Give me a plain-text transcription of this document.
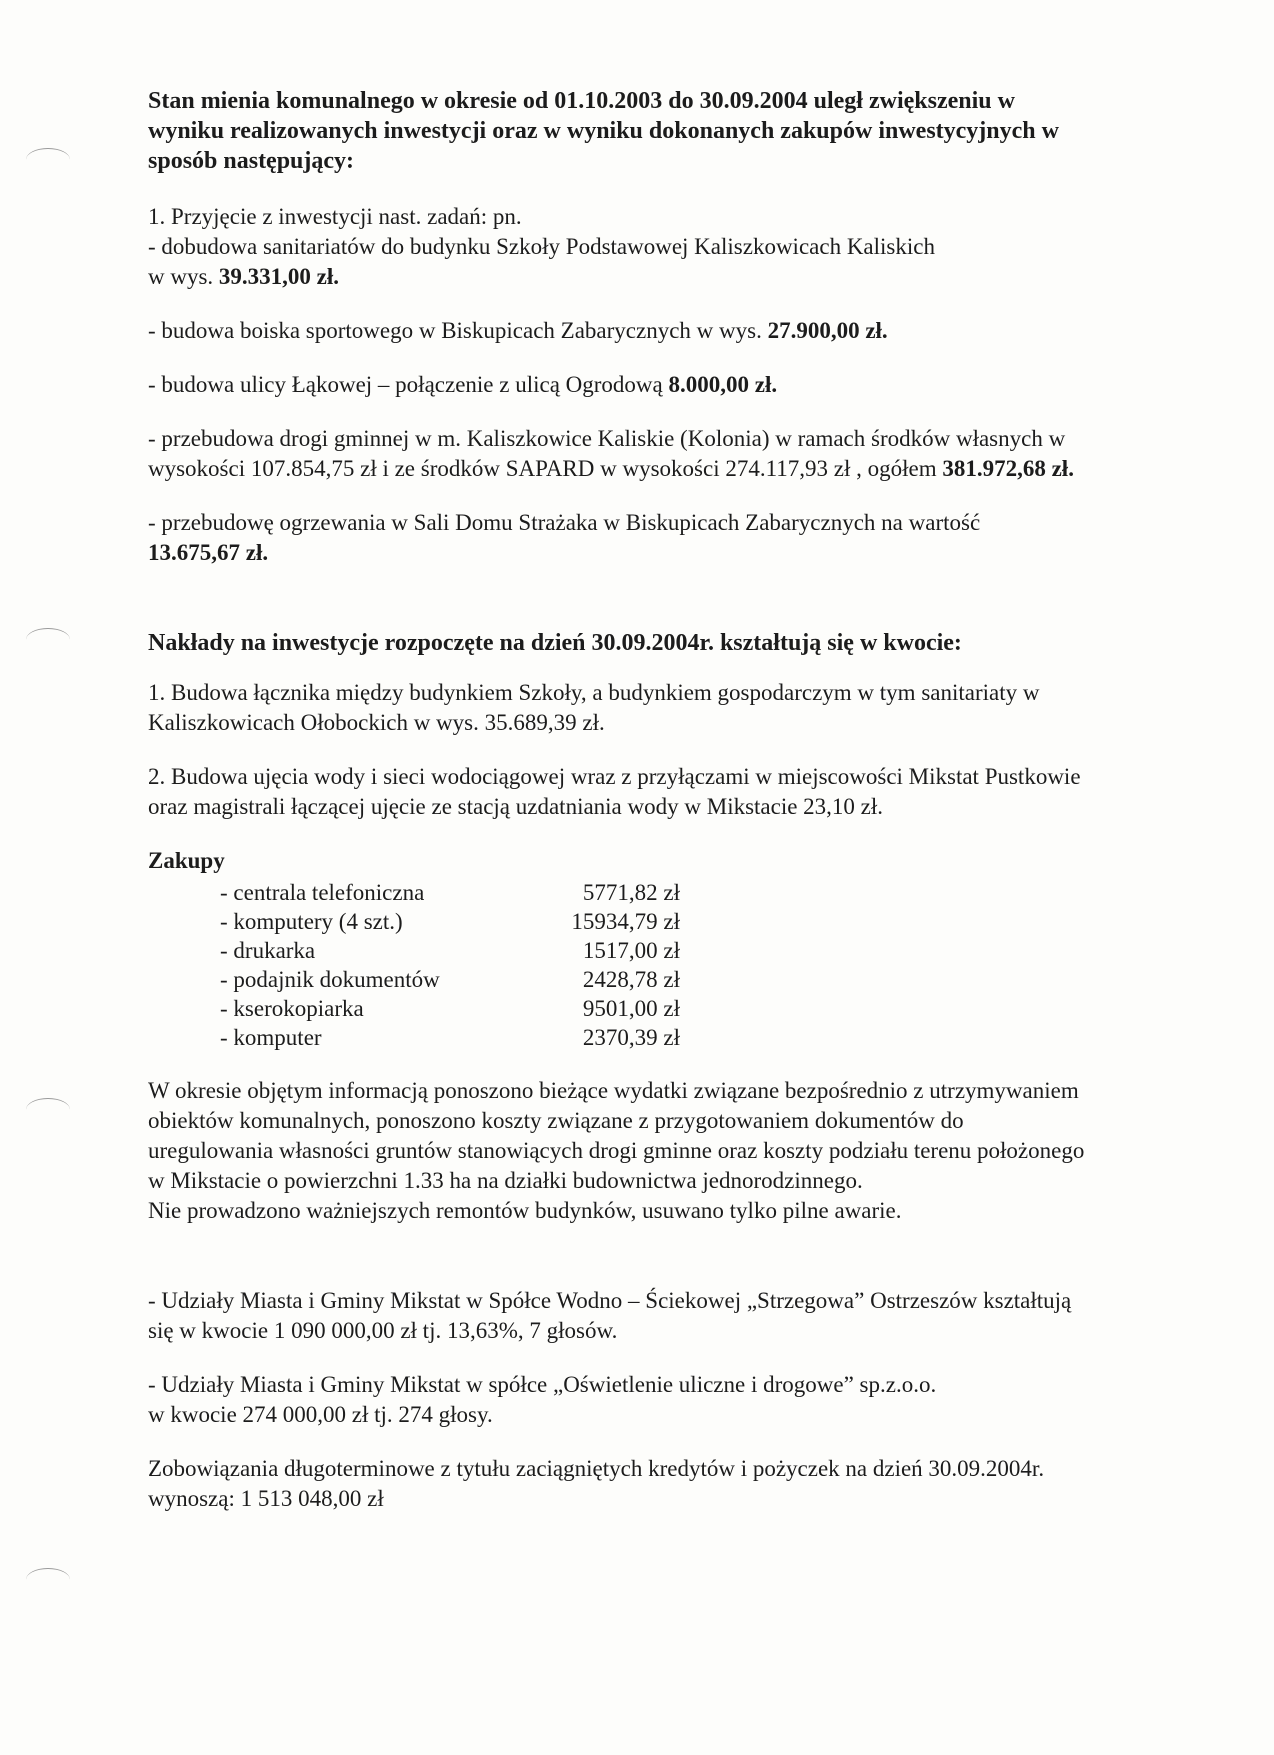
Stan mienia komunalnego w okresie od 01.10.2003 do 30.09.2004 uległ zwiększeniu w wyniku realizowanych inwestycji oraz w wyniku dokonanych zakupów inwestycyjnych w sposób następujący:

1. Przyjęcie z inwestycji nast. zadań: pn.

- dobudowa sanitariatów do budynku Szkoły Podstawowej Kaliszkowicach Kaliskich
w wys. 39.331,00 zł.

- budowa boiska sportowego w Biskupicach Zabarycznych w wys. 27.900,00 zł.

- budowa ulicy Łąkowej – połączenie z ulicą Ogrodową 8.000,00 zł.

- przebudowa drogi gminnej w m. Kaliszkowice Kaliskie (Kolonia) w ramach środków własnych w wysokości 107.854,75 zł i ze środków SAPARD w wysokości 274.117,93 zł , ogółem 381.972,68 zł.

- przebudowę ogrzewania w Sali Domu Strażaka w Biskupicach Zabarycznych na wartość
13.675,67 zł.

Nakłady na inwestycje rozpoczęte na dzień 30.09.2004r. kształtują się w kwocie:

1. Budowa łącznika między budynkiem Szkoły, a budynkiem gospodarczym w tym sanitariaty w Kaliszkowicach Ołobockich w wys. 35.689,39 zł.

2. Budowa ujęcia wody i sieci wodociągowej wraz z przyłączami w miejscowości Mikstat Pustkowie oraz magistrali łączącej ujęcie ze stacją uzdatniania wody w Mikstacie 23,10 zł.

Zakupy

- centrala telefoniczna	5771,82 zł
- komputery (4 szt.)	15934,79 zł
- drukarka	1517,00 zł
- podajnik dokumentów	2428,78 zł
- kserokopiarka	9501,00 zł
- komputer	2370,39 zł

W okresie objętym informacją ponoszono bieżące wydatki związane bezpośrednio z utrzymywaniem obiektów komunalnych, ponoszono koszty związane z przygotowaniem dokumentów do uregulowania własności gruntów stanowiących drogi gminne oraz koszty podziału terenu położonego w Mikstacie o powierzchni 1.33 ha na działki budownictwa jednorodzinnego.

Nie prowadzono ważniejszych remontów budynków, usuwano tylko pilne awarie.

- Udziały Miasta i Gminy Mikstat w Spółce Wodno – Ściekowej „Strzegowa” Ostrzeszów kształtują się w kwocie 1 090 000,00 zł tj. 13,63%, 7 głosów.

- Udziały Miasta i Gminy Mikstat w spółce „Oświetlenie uliczne i drogowe” sp.z.o.o.
w kwocie 274 000,00 zł tj. 274 głosy.

Zobowiązania długoterminowe z tytułu zaciągniętych kredytów i pożyczek na dzień 30.09.2004r. wynoszą: 1 513 048,00 zł
